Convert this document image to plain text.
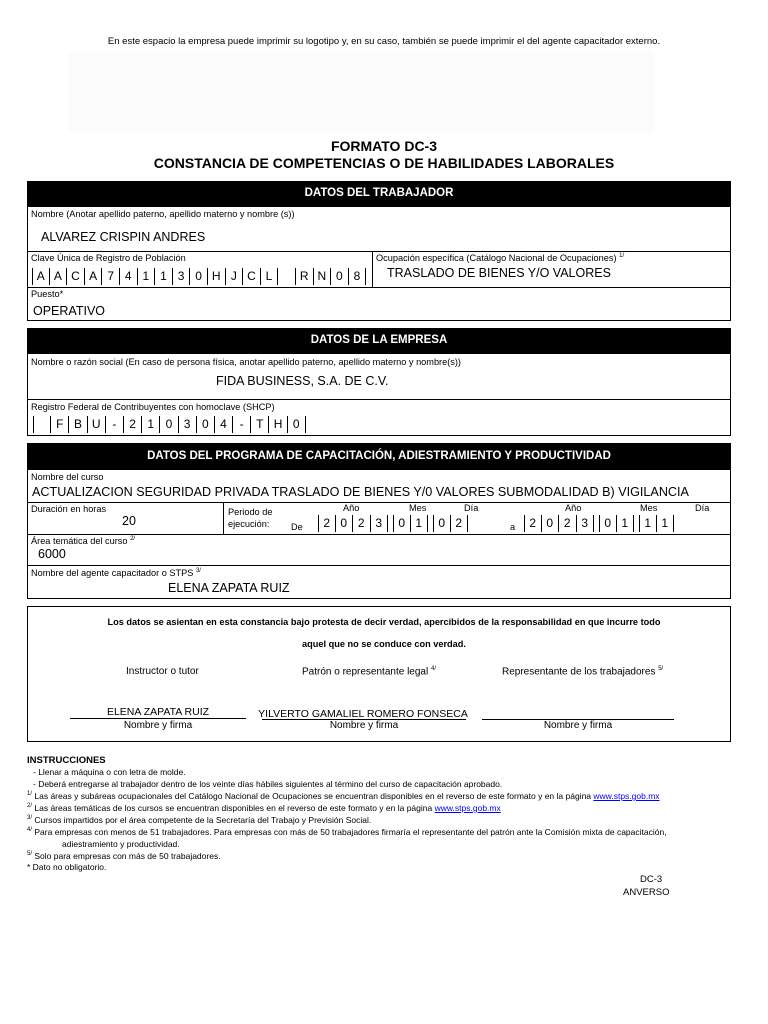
En este espacio la empresa puede imprimir su logotipo y, en su caso, también se puede imprimir el del agente capacitador externo.
FORMATO DC-3
CONSTANCIA DE COMPETENCIAS O DE HABILIDADES LABORALES
DATOS DEL TRABAJADOR
Nombre (Anotar apellido paterno, apellido materno y nombre (s))
ALVAREZ CRISPIN ANDRES
Clave Única de Registro de Población
A A C A 7 4 1 1 3 0 H J C L	R N 0 8
Ocupación específica (Catálogo Nacional de Ocupaciones) $^{1/}$
TRASLADO DE BIENES Y/O VALORES
Puesto*
OPERATIVO
DATOS DE LA EMPRESA
Nombre o razón social (En caso de persona física, anotar apellido paterno, apellido materno y nombre(s))
FIDA BUSINESS, S.A. DE C.V.
Registro Federal de Contribuyentes con homoclave (SHCP)
F B U -	2 1 0 3 0 4	-	T H 0
DATOS DEL PROGRAMA DE CAPACITACIÓN, ADIESTRAMIENTO Y PRODUCTIVIDAD
Nombre del curso
ACTUALIZACION SEGURIDAD PRIVADA TRASLADO DE BIENES Y/0 VALORES SUBMODALIDAD B) VIGILANCIA
Duración en horas
20
Periodo de
ejecución: De
Año	Mes	Día
2 0 2 3	0 1	0 2	a
Año	Mes	Día
2 0 2 3	0 1	1 1
Área temática del curso $^{2/}$
6000
Nombre del agente capacitador o STPS $^{3/}$
ELENA ZAPATA RUIZ
Los datos se asientan en esta constancia bajo protesta de decir verdad, apercibidos de la responsabilidad en que incurre todo
aquel que no se conduce con verdad.
Instructor o tutor	Patrón o representante legal $^{4/}$	Representante de los trabajadores $^{5/}$
ELENA ZAPATA RUIZ	YILVERTO GAMALIEL ROMERO FONSECA
Nombre y firma	Nombre y firma	Nombre y firma
INSTRUCCIONES
- Llenar a máquina o con letra de molde.
- Deberá entregarse al trabajador dentro de los veinte días hábiles siguientes al término del curso de capacitación aprobado.
$^{1/}$ Las áreas y subáreas ocupacionales del Catálogo Nacional de Ocupaciones se encuentran disponibles en el reverso de este formato y en la página www.stps.gob.mx
$^{2/}$ Las áreas temáticas de los cursos se encuentran disponibles en el reverso de este formato y en la página www.stps.gob.mx
$^{3/}$ Cursos impartidos por el área competente de la Secretaría del Trabajo y Previsión Social.
$^{4/}$ Para empresas con menos de 51 trabajadores. Para empresas con más de 50 trabajadores firmaría el representante del patrón ante la Comisión mixta de capacitación,
adiestramiento y productividad.
$^{5/}$ Solo para empresas con más de 50 trabajadores.
* Dato no obligatorio.
DC-3
ANVERSO
